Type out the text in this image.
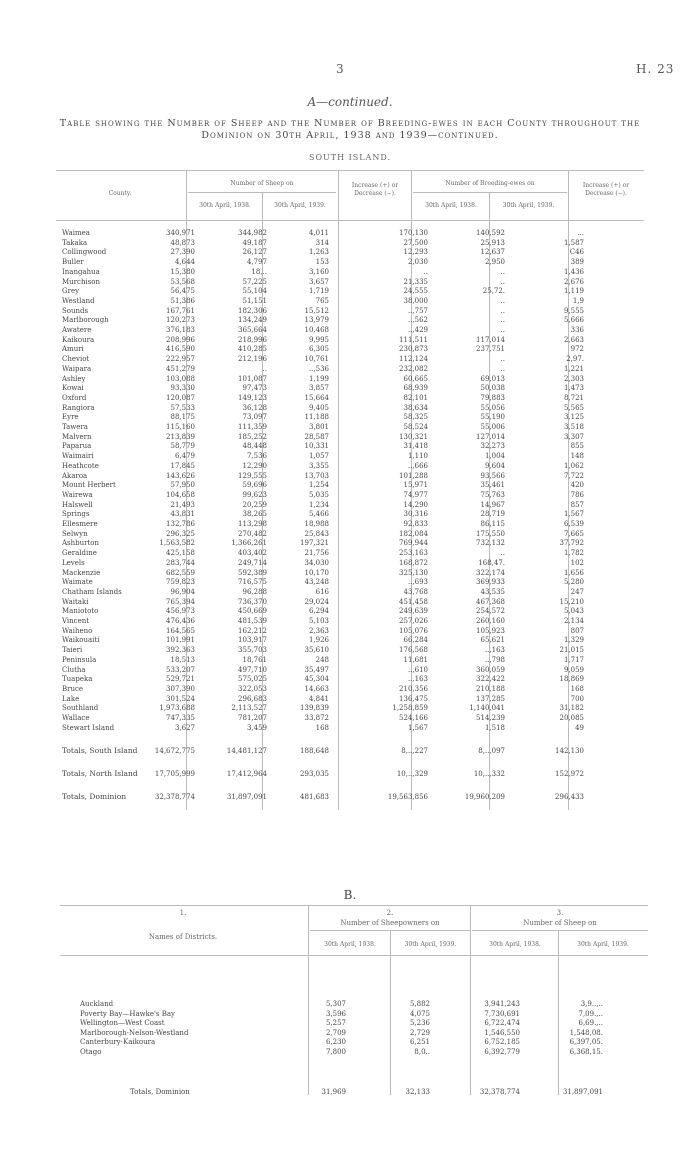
3	H. 23
A—continued.
Table showing the Number of Sheep and the Number of Breeding-ewes in each County throughout the Dominion on 30th April, 1938 and 1939—continued.
SOUTH ISLAND.
County.
Number of Sheep on
30th April, 1938.	30th April, 1939.
Increase (+) or Decrease (−).
Number of Breeding-ewes on
30th April, 1938.	30th April, 1939.
Increase (+) or Decrease (−).
Waimea	340,971	344,982	4,011	170,130	140,592	...
Takaka	48,873	49,187	314	27,500	25,913	1,587
Collingwood	27,390	26,127	1,263	12,293	12,637	C46
Buller	4,644	4,797	153	2,030	2,950	389
Inangahua	15,380	18,..	3,160	..	..	1,436
Murchison	53,568	57,225	3,657	21,335	..	2,676
Grey	56,475	55,104	1,719	24,555	25,72.	1,119
Westland	51,386	51,151	765	38,000	..	1,9
Sounds	167,761	182,306	15,512	..,757	..	9,555
Marlborough	120,273	134,249	13,979	..,562	..	5,666
Awatere	376,183	365,664	10,468	..,429	..	336
Kaikoura	208,996	218,996	9,995	111,511	117,014	2,663
Amuri	416,590	410,285	6,305	230,873	237,751	972
Cheviot	222,957	212,196	10,761	112,124	..	2,97.
Waipara	451,279	..	..,536	232,082	..	1,221
Ashley	103,088	101,087	1,199	60,665	69,013	2,303
Kowai	93,330	97,473	3,857	68,939	50,038	1,473
Oxford	120,087	149,123	15,664	82,101	79,883	8,721
Rangiora	57,533	36,128	9,405	38,634	55,056	5,565
Eyre	88,175	73,097	11,188	58,325	55,190	3,125
Tawera	115,160	111,359	3,801	58,524	55,006	3,518
Malvern	213,839	185,252	28,587	130,321	127,014	3,307
Paparua	58,779	48,448	10,331	31,418	32,273	855
Waimairi	6,479	7,536	1,057	1,110	1,004	148
Heathcote	17,845	12,290	3,355	..,666	9,604	1,062
Akaroa	143,626	129,555	13,703	101,288	93,566	7,722
Mount Herbert	57,950	59,696	1,254	15,971	35,461	420
Wairewa	104,658	99,623	5,035	74,977	75,763	786
Halswell	21,493	20,259	1,234	14,290	14,967	857
Springs	43,831	38,265	5,466	30,316	28,719	1,567
Ellesmere	132,786	113,298	18,988	92,833	86,115	6,539
Selwyn	296,325	270,482	25,843	182,084	175,550	7,665
Ashburton	1,563,582	1,366,261	197,321	769,944	732,132	37,792
Geraldine	425,158	403,402	21,756	253,163	..	1,782
Levels	283,744	249,714	34,030	168,872	168,47.	102
Mackenzie	682,559	592,389	10,170	325,130	322,174	1,656
Waimate	759,823	716,575	43,248	..,693	369,933	5,280
Chatham Islands	96,904	96,288	616	43,768	43,535	247
Waitaki	765,394	736,370	29,024	451,458	467,368	15,210
Maniototo	456,973	450,669	6,294	249,639	254,572	5,043
Vincent	476,436	481,539	5,103	257,026	260,160	2,134
Waiheno	164,565	162,212	2,363	105,076	105,923	807
Waikouaiti	101,991	103,917	1,926	66,284	65,621	1,329
Taieri	392,363	355,703	35,610	176,568	..,163	21,015
Peninsula	18,513	18,761	248	11,681	..,798	1,717
Clutha	533,207	497,710	35,497	..,610	360,059	9,059
Tuapeka	529,721	575,025	45,304	..,163	322,422	18,869
Bruce	307,390	322,053	14,663	210,356	210,188	168
Lake	301,524	296,683	4,841	136,475	137,285	700
Southland	1,973,688	2,113,527	139,839	1,258,859	1,140,041	31,182
Wallace	747,335	781,207	33,872	524,166	514,239	20,085
Stewart Island	3,627	3,459	168	1,567	1,518	49
Totals, South Island 14,672,775	14,481,127	188,648	8,..,227	8,..,097	142,130
Totals, North Island 17,705,999	17,412,964	293,035	10,..,329	10,..,332	152,972
Totals, Dominion	32,378,774	31,897,091	481,683	19,563,856	19,960,209	296,433
B.
1.
Names of Districts.
2.
Number of Sheepowners on
3.
Number of Sheep on
30th April, 1938.	30th April, 1939.	30th April, 1938.	30th April, 1939.
Auckland	5,307	5,882	3,941,243	3,9..,..
Poverty Bay—Hawke's Bay	3,596	4,075	7,730,691	7,09.,..
Wellington—West Coast	5,257	5,236	6,722,474	6,69.,..
Marlborough-Nelson-Westland	2,709	2,729	1,546,550	1,548,08.
Canterbury-Kaikoura	6,230	6,251	6,752,185	6,397,05.
Otago	7,800	8,0..	6,392,779	6,368,15.
Totals, Dominion	31,969	32,133	32,378,774	31,897,091
